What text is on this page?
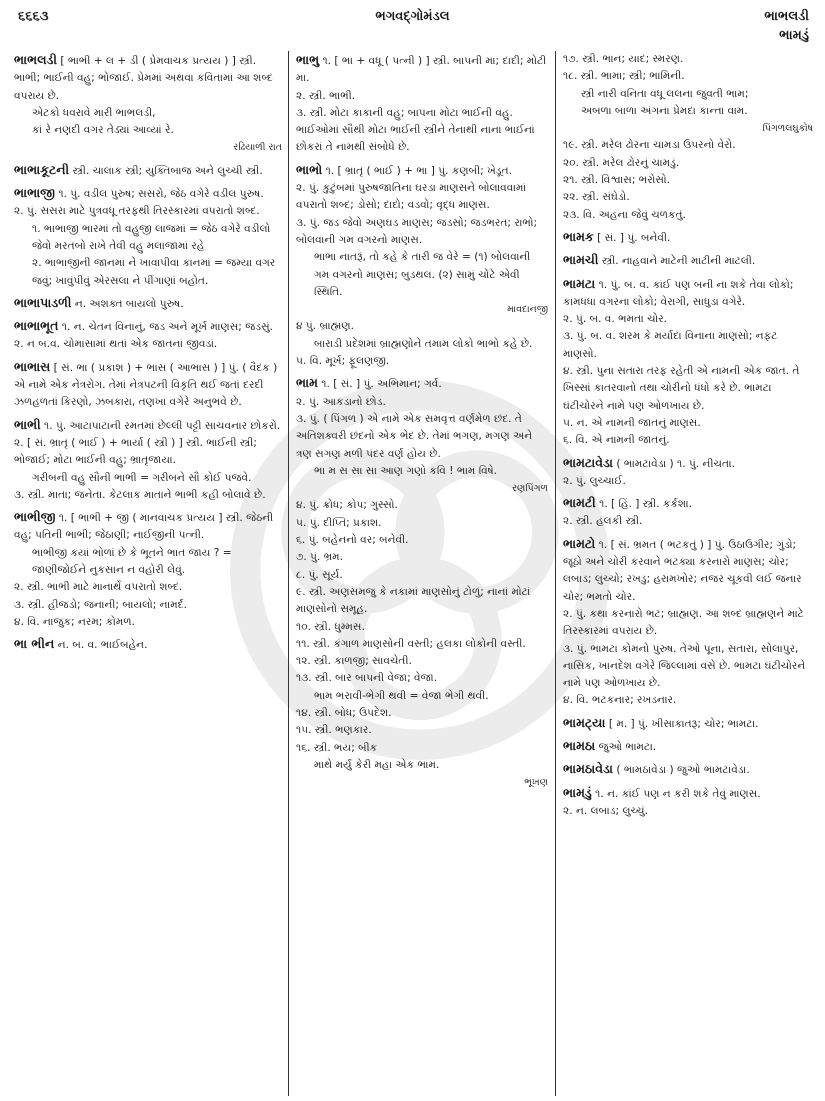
૬૬૬૩	ભગવદ્ગોમંડલ	ભાભલડી
ભામડું
ભાભલડી [ ભાભી + લ + ડી ( પ્રેમવાચક પ્રત્યય ) ] સ્ત્રી. ભાભી; ભાઈની વહુ; ભોજાઈ. પ્રેમમાં અથવા કવિતામાં આ શબ્દ વપરાય છે.
એટકો ધવરાવે મારી ભાભલડી,
કાં રે નણદી વગર તેડ્યાં આવ્યાં રે.
રઢિયાળી રાત
ભાભાકૂટની સ્ત્રી. ચાલાક સ્ત્રી; યુક્તિબાજ અને લુચ્ચી સ્ત્રી.
ભાભાજી ૧. પું. વડીલ પુરુષ; સસરો, જેઠ વગેરે વડીલ પુરુષ.
૨. પું. સસરા માટે પુત્રવધૂ તરફથી તિરસ્કારમાં વપરાતો શબ્દ.
૧. ભાભાજી ભારમાં તો વહુજી લાજમાં = જેઠ વગેરે વડીલો જેવો મરતબો રાખે તેવી વહુ મલાજામાં રહે
૨. ભાભાજીની જાનમાં ને ખાવાપીવા કાનમાં = જમ્યા વગર જવું; ખાવુંપીવું એરસલા ને પીંગાણાં બહોત.
ભાભાપાડળી ન. અશક્ત બાયલો પુરુષ.
ભાભાભૂત ૧. ન. ચેતન વિનાનું, જડ અને મૂર્ખ માણસ; જડસું.
૨. ન બ.વ. ચોમાસામાં થતાં એક જાતનાં જીવડાં.
ભાભાસ [ સં. ભા ( પ્રકાશ ) + ભાસ ( આભાસ ) ] પું. ( વૈદક ) એ નામે એક નેત્રરોગ. તેમાં નેત્રપટની વિકૃતિ થઈ જતાં દરદી ઝળહળતાં કિરણો, ઝબકારા, તણખા વગેરે અનુભવે છે.
ભાભી ૧. પું. આટાપાટાની રમતમાં છેલ્લી પટ્ટી સાચવનાર છોકરો.
૨. [ સં. ભ્રાતૃ ( ભાઈ ) + ભાર્યા ( સ્ત્રી ) ] સ્ત્રી. ભાઈની સ્ત્રી; ભોજાઈ; મોટા ભાઈની વહુ; ભ્રાતૃજાયા.
ગરીબની વહુ સૌની ભાભી = ગરીબને સૌ કોઈ પજવે.
૩. સ્ત્રી. માતા; જનેતા. કેટલાક માતાને ભાભી કહી બોલાવે છે.
ભાભીજી ૧. [ ભાભી + જી ( માનવાચક પ્રત્યય ] સ્ત્રી. જેઠની વહુ; પતિની ભાભી; જેઠાણી; નાઈજીની પત્ની.
ભાભીજી કયાં ભોળાં છે કે ભૂતને ભાત જાય ? = જાણીજોઈને નુકસાન ન વહોરી લેવું.
૨. સ્ત્રી. ભાભી માટે માનાર્થે વપરાતો શબ્દ.
૩. સ્ત્રી. હીજડો; જનાની; બાયલો; નામર્દ.
૪. વિ. નાજુક; નરમ; કોમળ.
ભા ભીન ન. બ. વ. ભાઈબહેન.
ભાભુ ૧. [ ભા + વધૂ ( પત્ની ) ] સ્ત્રી. બાપની મા; દાદી; મોટી મા.
૨. સ્ત્રી. ભાભી.
૩. સ્ત્રી. મોટા કાકાની વહુ; બાપના મોટા ભાઈની વહુ. ભાઈઓમાં સૌથી મોટા ભાઈની સ્ત્રીને તેનાથી નાના ભાઈનાં છોકરાં તે નામથી સંબોધે છે.
ભાભો ૧. [ ભ્રાતૃ ( ભાઈ ) + ભા ] પું. કણબી; ખેડૂત.
૨. પું. કુટુંબમાં પુરુષજાતિના ઘરડા માણસને બોલાવવામાં વપરાતો શબ્દ; ડોસો; દાદો; વડવો; વૃદ્ધ માણસ.
૩. પું. જડ જેવો અણઘડ માણસ; જડસો; જડભરત; રાભો; બોલવાની ગમ વગરનો માણસ.
ભાભા નાતરૂં, તો કહે કે તારી જ વેરે = (૧) બોલવાની ગમ વગરનો માણસ; બુડથલ. (૨) સામું ચોંટે એવી સ્થિતિ.
માવદાનજી
૪ પું. બ્રાહ્મણ.
બારાડી પ્રદેશમાં બ્રાહ્મણોને તમામ લોકો ભાભો કહે છે.
૫. વિ. મૂર્ખ; ફૂલણજી.
ભામ ૧. [ સં. ] પું. અભિમાન; ગર્વ.
૨. પું. આકડાનો છોડ.
૩. પું. ( પિંગળ ) એ નામે એક સમવૃત્ત વર્ણમેળ છંદ. તે અતિશક્વરી છંદનો એક ભેદ છે. તેમાં ભગણ, મગણ અને ત્રણ સગણ મળી પંદર વર્ણ હોય છે.
ભા મ સ સા સા આણ ગણો કવિ ! ભામ વિષે.
રણપિંગળ
૪. પું. ક્રોધ; કોપ; ગુસ્સો.
૫. પું. દીપ્તિ; પ્રકાશ.
૬. પું. બહેનનો વર; બનેવી.
૭. પું. ભ્રમ.
૮. પું. સૂર્ય.
૯. સ્ત્રી. અણસમજુ કે નકામાં માણસોનું ટોળું; નાનાં મોટાં માણસોનો સમૂહ.
૧૦. સ્ત્રી. ધુમ્મસ.
૧૧. સ્ત્રી. કંગાળ માણસોની વસ્તી; હલકા લોકોની વસ્તી.
૧૨. સ્ત્રી. કાળજી; સાવચેતી.
૧૩. સ્ત્રી. બાર બાપની વેજા; વેજા.
ભામ ભરાવી-ભેગી થવી = વેજા ભેગી થવી.
૧૪. સ્ત્રી. બોધ; ઉપદેશ.
૧૫. સ્ત્રી. ભણકાર.
૧૬. સ્ત્રી. ભય; બીક
માથે મર્યું કેરી મહા એક ભામ.
ભૂખણ
૧૭. સ્ત્રી. ભાન; યાદ; સ્મરણ.
૧૮. સ્ત્રી. ભામા; સ્ત્રી; ભામિની.
સ્ત્રી નારી વનિતા વધૂ લલના જુવતી ભામ;
અબળા બાળા અંગના પ્રેમદા કાન્તા વામ.
પિંગળલઘુકોષ
૧૯. સ્ત્રી. મરેલ ઢોરના ચામડા ઉપરનો વેરો.
૨૦. સ્ત્રી. મરેલ ઢોરનું ચામડું.
૨૧. સ્ત્રી. વિશ્વાસ; ભરોસો.
૨૨. સ્ત્રી. સંઘેડો.
૨૩. વિ. અહના જેવું ચળકતું.
ભામક [ સં. ] પું. બનેવી.
ભામચી સ્ત્રી. નાહવાને માટેની માટીની માટલી.
ભામટા ૧. પું. બ. વ. કાંઈ પણ બની ના શકે તેવા લોકો; કામધંધા વગરના લોકો; વેરાગી, સાધુડા વગેરે.
૨. પું. બ. વ. ભમતા ચોર.
૩. પું. બ. વ. શરમ કે મર્યાદા વિનાના માણસો; નફટ માણસો.
૪. સ્ત્રી. પુના સતારા તરફ રહેતી એ નામની એક જાત. તે ખિસ્સાં કાતરવાનો તથા ચોરીનો ધંધો કરે છે. ભામટા ઘંટીચોરને નામે પણ ઓળખાય છે.
૫. ન. એ નામની જાતનું માણસ.
૬. વિ. એ નામની જાતનું.
ભામટાવેડા ( ભામટાવેડા ) ૧. પું. નીચતા.
૨. પું. લુચ્ચાઈ.
ભામટી ૧. [ હિં. ] સ્ત્રી. કર્કશા.
૨. સ્ત્રી. હલકી સ્ત્રી.
ભામટો ૧. [ સં. ભ્રમત ( ભટકતું ) ] પું. ઉઠાઉગીર; ગુંડો; જૂઠો અને ચોરી કરવાને ભટક્યા કરનારો માણસ; ચોર; લબાડ; લુચ્ચો; રખડુ; હરામખોર; નજર ચૂકવી લઈ જનાર ચોર; ભમતો ચોર.
૨. પું. કથા કરનારો ભટ; બ્રાહ્મણ. આ શબ્દ બ્રાહ્મણને માટે તિરસ્કારમાં વપરાય છે.
૩. પું. ભામટા કોમનો પુરુષ. તેઓ પૂના, સતારા, સોલાપુર, નાસિક, ખાનદેશ વગેરે જિલ્લામાં વસે છે. ભામટા ઘંટીચોરને નામે પણ ઓળખાય છે.
૪. વિ. ભટકનાર; રખડનાર.
ભામટ્યા [ મ. ] પું. ખીસાકાતરૂ; ચોર; ભામટા.
ભામઠા જુઓ ભામટા.
ભામઠાવેડા ( ભામઠાવેડા ) જુઓ ભામટાવેડા.
ભામડું ૧. ન. કાંઈ પણ ન કરી શકે તેવું માણસ.
૨. ન. લબાડ; લુચ્ચું.
